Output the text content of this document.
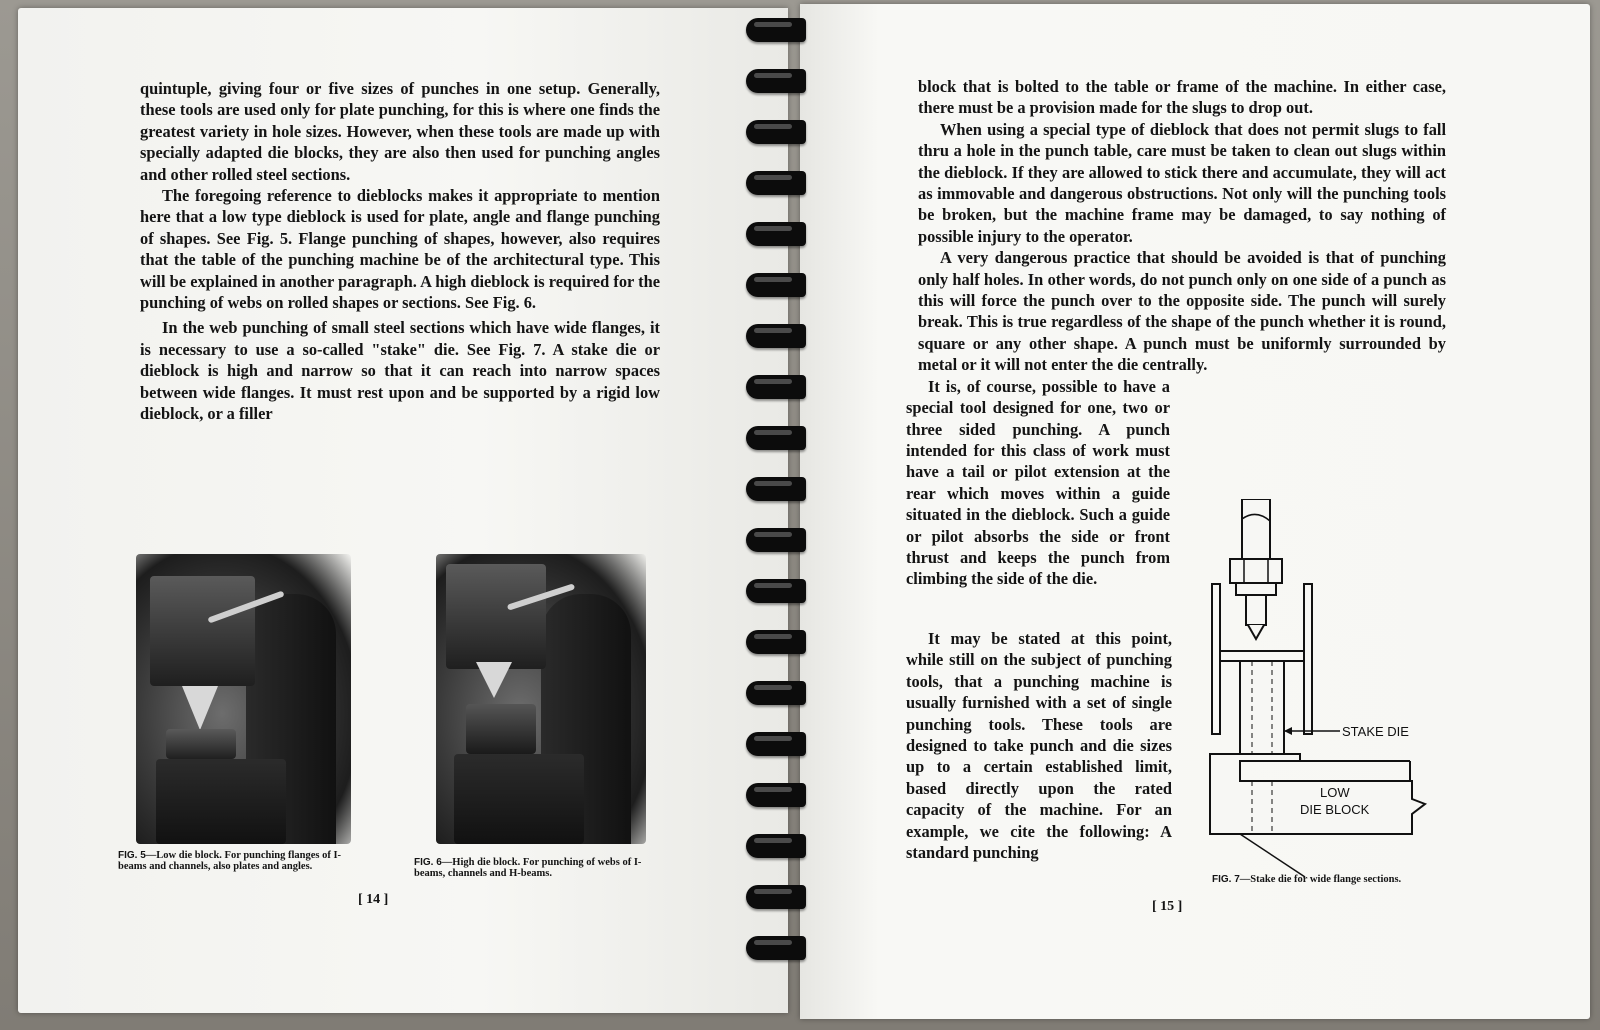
quintuple, giving four or five sizes of punches in one setup. Generally, these tools are used only for plate punching, for this is where one finds the greatest variety in hole sizes. However, when these tools are made up with specially adapted die blocks, they are also then used for punching angles and other rolled steel sections.

The foregoing reference to dieblocks makes it appropriate to mention here that a low type dieblock is used for plate, angle and flange punching of shapes. See Fig. 5. Flange punching of shapes, however, also requires that the table of the punching machine be of the architectural type. This will be explained in another paragraph. A high dieblock is required for the punching of webs on rolled shapes or sections. See Fig. 6.

In the web punching of small steel sections which have wide flanges, it is necessary to use a so-called "stake" die. See Fig. 7. A stake die or dieblock is high and narrow so that it can reach into narrow spaces between wide flanges. It must rest upon and be supported by a rigid low dieblock, or a filler

FIG. 5—Low die block. For punching flanges of I-beams and channels, also plates and angles.	FIG. 6—High die block. For punching of webs of I-beams, channels and H-beams.
[ 14 ]

block that is bolted to the table or frame of the machine. In either case, there must be a provision made for the slugs to drop out.

When using a special type of dieblock that does not permit slugs to fall thru a hole in the punch table, care must be taken to clean out slugs within the dieblock. If they are allowed to stick there and accumulate, they will act as immovable and dangerous obstructions. Not only will the punching tools be broken, but the machine frame may be damaged, to say nothing of possible injury to the operator.

A very dangerous practice that should be avoided is that of punching only half holes. In other words, do not punch only on one side of a punch as this will force the punch over to the opposite side. The punch will surely break. This is true regardless of the shape of the punch whether it is round, square or any other shape. A punch must be uniformly surrounded by metal or it will not enter the die centrally.

It is, of course, possible to have a special tool designed for one, two or three sided punching. A punch intended for this class of work must have a tail or pilot extension at the rear which moves within a guide situated in the dieblock. Such a guide or pilot absorbs the side or front thrust and keeps the punch from climbing the side of the die.

It may be stated at this point, while still on the subject of punching tools, that a punching machine is usually furnished with a set of single punching tools. These tools are designed to take punch and die sizes up to a certain established limit, based directly upon the rated capacity of the machine. For an example, we cite the following: A standard punching

STAKE DIE
LOW
DIE BLOCK
FIG. 7—Stake die for wide flange sections.
[ 15 ]
